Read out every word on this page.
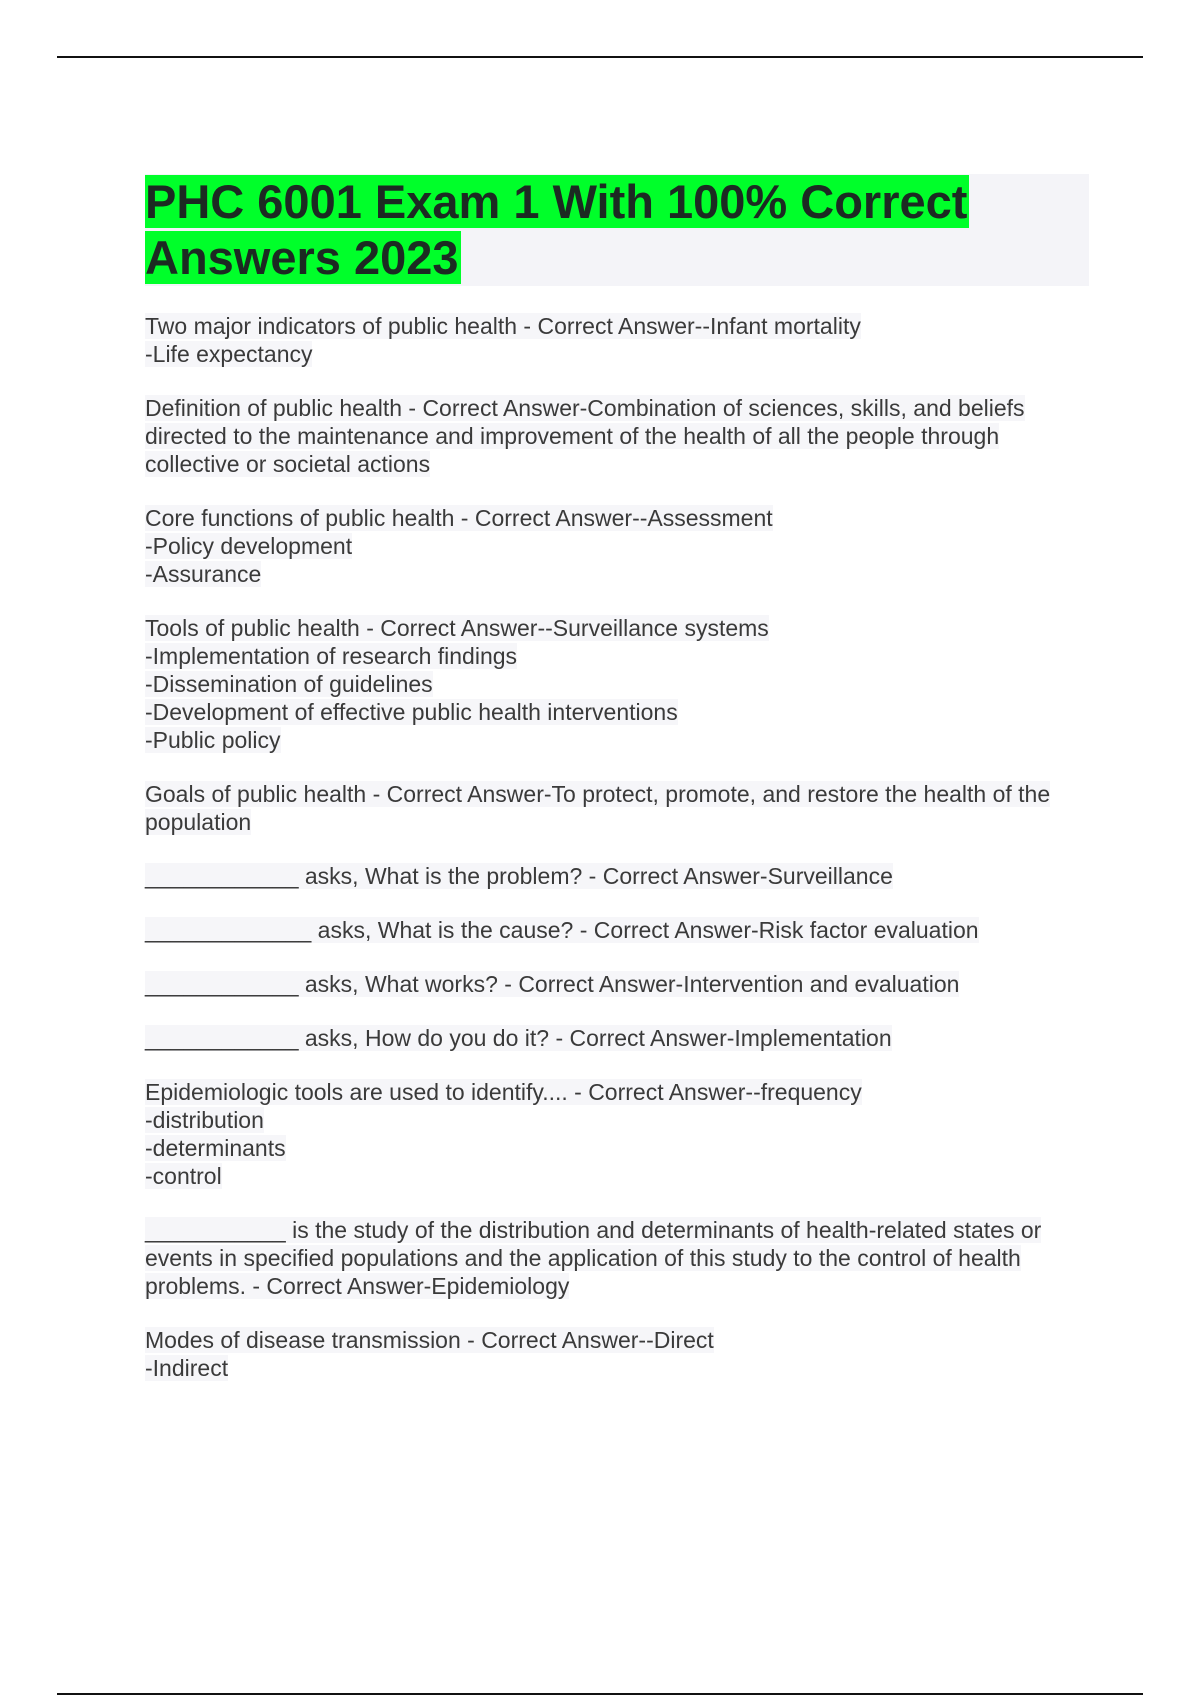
PHC 6001 Exam 1 With 100% Correct Answers 2023

Two major indicators of public health - Correct Answer--Infant mortality
-Life expectancy

Definition of public health - Correct Answer-Combination of sciences, skills, and beliefs directed to the maintenance and improvement of the health of all the people through collective or societal actions

Core functions of public health - Correct Answer--Assessment
-Policy development
-Assurance

Tools of public health - Correct Answer--Surveillance systems
-Implementation of research findings
-Dissemination of guidelines
-Development of effective public health interventions
-Public policy

Goals of public health - Correct Answer-To protect, promote, and restore the health of the population

____________ asks, What is the problem? - Correct Answer-Surveillance

_____________ asks, What is the cause? - Correct Answer-Risk factor evaluation

____________ asks, What works? - Correct Answer-Intervention and evaluation

____________ asks, How do you do it? - Correct Answer-Implementation

Epidemiologic tools are used to identify.... - Correct Answer--frequency
-distribution
-determinants
-control

___________ is the study of the distribution and determinants of health-related states or events in specified populations and the application of this study to the control of health problems. - Correct Answer-Epidemiology

Modes of disease transmission - Correct Answer--Direct
-Indirect
